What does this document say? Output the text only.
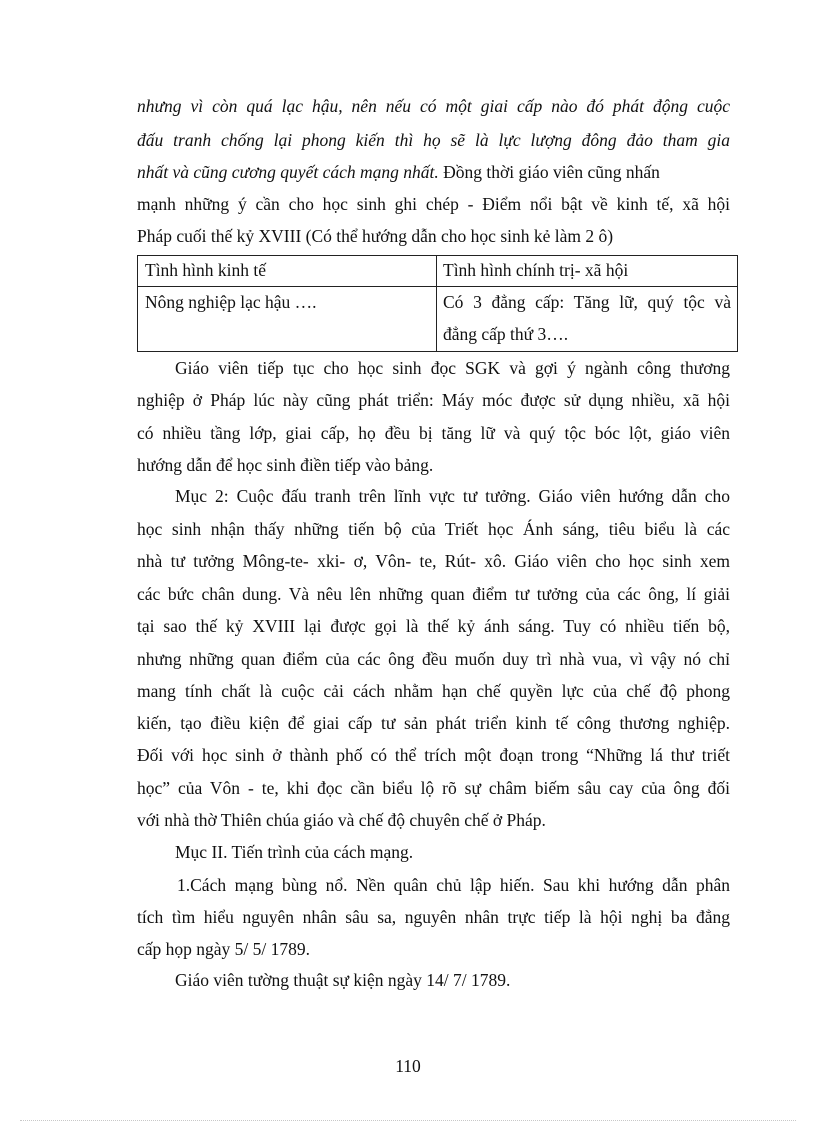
nhưng vì còn quá lạc hậu, nên nếu có một giai cấp nào đó phát động cuộc
đấu tranh chống lại phong kiến thì họ sẽ là lực lượng đông đảo tham gia
nhất và cũng cương quyết cách mạng nhất. Đồng thời giáo viên cũng nhấn
mạnh những ý cần cho học sinh ghi chép - Điểm nổi bật về kinh tế, xã hội
Pháp cuối thế kỷ XVIII (Có thể hướng dẫn cho học sinh kẻ làm 2 ô)
Tình hình kinh tế	Tình hình chính trị- xã hội
Nông nghiệp lạc hậu ….	Có 3 đẳng cấp: Tăng lữ, quý tộc và
đẳng cấp thứ 3….
Giáo viên tiếp tục cho học sinh đọc SGK và gợi ý ngành công thương
nghiệp ở Pháp lúc này cũng phát triển: Máy móc được sử dụng nhiều, xã hội
có nhiều tầng lớp, giai cấp, họ đều bị tăng lữ và quý tộc bóc lột, giáo viên
hướng dẫn để học sinh điền tiếp vào bảng.
Mục 2: Cuộc đấu tranh trên lĩnh vực tư tưởng. Giáo viên hướng dẫn cho
học sinh nhận thấy những tiến bộ của Triết học Ánh sáng, tiêu biểu là các
nhà tư tưởng Mông-te- xki- ơ, Vôn- te, Rút- xô. Giáo viên cho học sinh xem
các bức chân dung. Và nêu lên những quan điểm tư tưởng của các ông, lí giải
tại sao thế kỷ XVIII lại được gọi là thế kỷ ánh sáng. Tuy có nhiều tiến bộ,
nhưng những quan điểm của các ông đều muốn duy trì nhà vua, vì vậy nó chỉ
mang tính chất là cuộc cải cách nhằm hạn chế quyền lực của chế độ phong
kiến, tạo điều kiện để giai cấp tư sản phát triển kinh tế công thương nghiệp.
Đối với học sinh ở thành phố có thể trích một đoạn trong “Những lá thư triết
học” của Vôn - te, khi đọc cần biểu lộ rõ sự châm biếm sâu cay của ông đối
với nhà thờ Thiên chúa giáo và chế độ chuyên chế ở Pháp.
Mục II. Tiến trình của cách mạng.
1.Cách mạng bùng nổ. Nền quân chủ lập hiến. Sau khi hướng dẫn phân
tích tìm hiểu nguyên nhân sâu sa, nguyên nhân trực tiếp là hội nghị ba đẳng
cấp họp ngày 5/ 5/ 1789.
Giáo viên tường thuật sự kiện ngày 14/ 7/ 1789.
110
